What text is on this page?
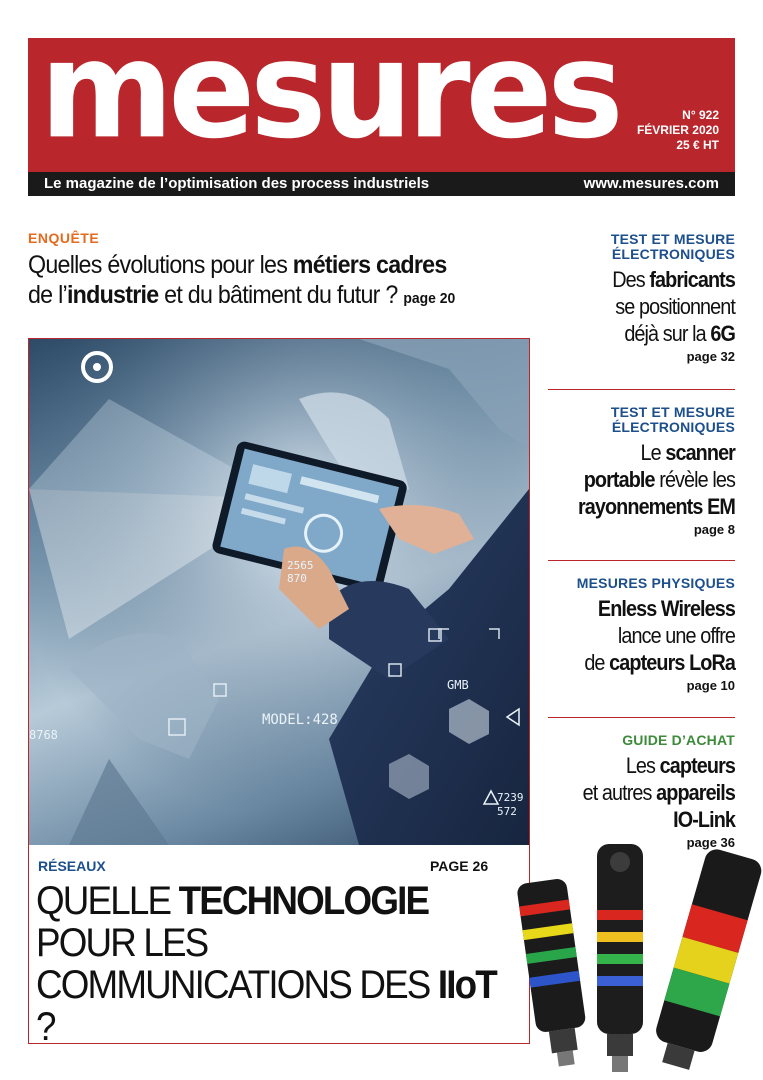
mesures	N° 922
FÉVRIER 2020
25 € HT
Le magazine de l’optimisation des process industriels	www.mesures.com
ENQUÊTE
Quelles évolutions pour les métiers cadres
de l’industrie et du bâtiment du futur ? page 20
MODEL:428
GMB
2565
870
8768
7239
572
RÉSEAUX	PAGE 26
QUELLE TECHNOLOGIE
POUR LES
COMMUNICATIONS DES IIoT ?
TEST ET MESURE ÉLECTRONIQUES
Des fabricants
se positionnent
déjà sur la 6G
page 32
TEST ET MESURE ÉLECTRONIQUES
Le scanner
portable révèle les
rayonnements EM
page 8
MESURES PHYSIQUES
Enless Wireless
lance une offre
de capteurs LoRa
page 10
GUIDE D’ACHAT
Les capteurs
et autres appareils
IO-Link
page 36
